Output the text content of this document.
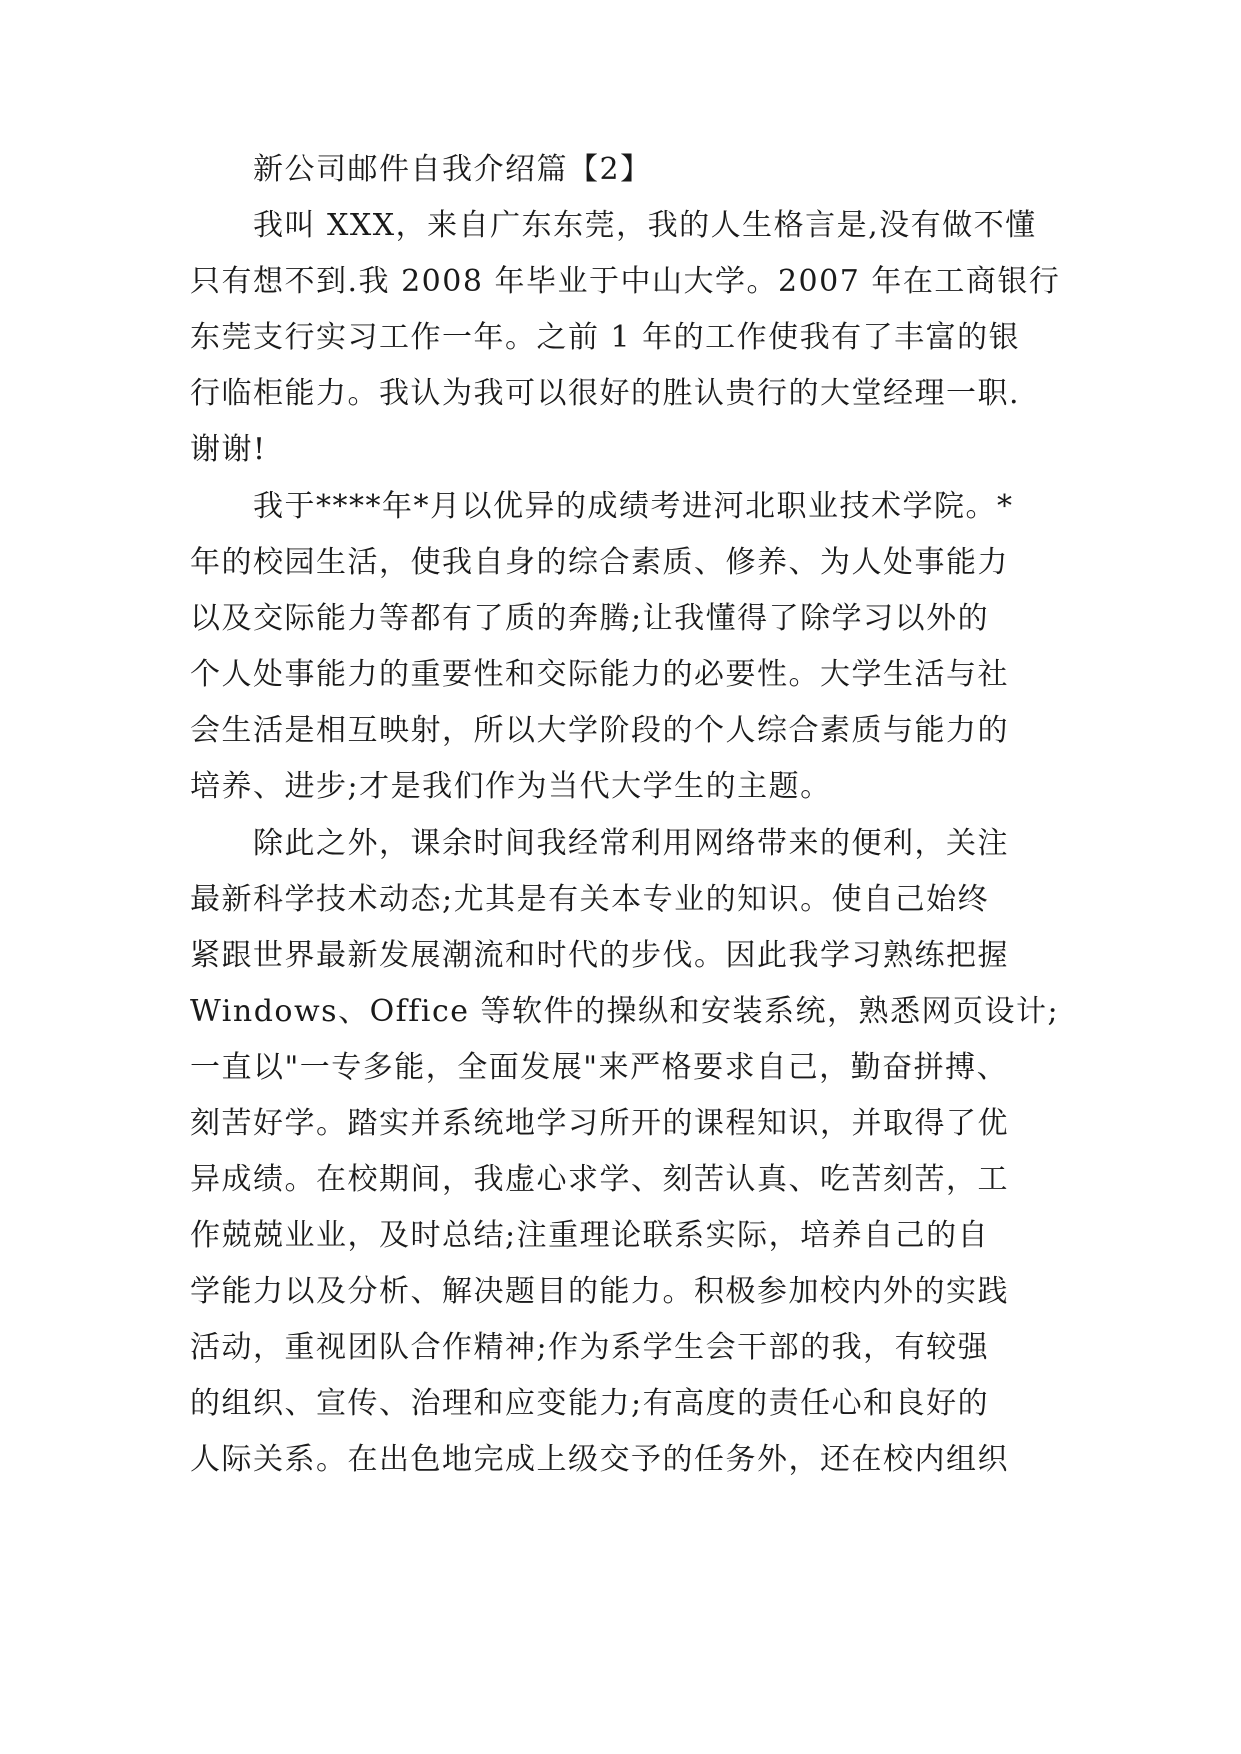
新公司邮件自我介绍篇【2】

我叫 XXX，来自广东东莞，我的人生格言是,没有做不懂

只有想不到.我 2008 年毕业于中山大学。2007 年在工商银行

东莞支行实习工作一年。之前 1 年的工作使我有了丰富的银

行临柜能力。我认为我可以很好的胜认贵行的大堂经理一职.

谢谢!

我于****年*月以优异的成绩考进河北职业技术学院。*

年的校园生活，使我自身的综合素质、修养、为人处事能力

以及交际能力等都有了质的奔腾;让我懂得了除学习以外的

个人处事能力的重要性和交际能力的必要性。大学生活与社

会生活是相互映射，所以大学阶段的个人综合素质与能力的

培养、进步;才是我们作为当代大学生的主题。

除此之外，课余时间我经常利用网络带来的便利，关注

最新科学技术动态;尤其是有关本专业的知识。使自己始终

紧跟世界最新发展潮流和时代的步伐。因此我学习熟练把握

Windows、Office 等软件的操纵和安装系统，熟悉网页设计;

一直以"一专多能，全面发展"来严格要求自己，勤奋拼搏、

刻苦好学。踏实并系统地学习所开的课程知识，并取得了优

异成绩。在校期间，我虚心求学、刻苦认真、吃苦刻苦，工

作兢兢业业，及时总结;注重理论联系实际，培养自己的自

学能力以及分析、解决题目的能力。积极参加校内外的实践

活动，重视团队合作精神;作为系学生会干部的我，有较强

的组织、宣传、治理和应变能力;有高度的责任心和良好的

人际关系。在出色地完成上级交予的任务外，还在校内组织
